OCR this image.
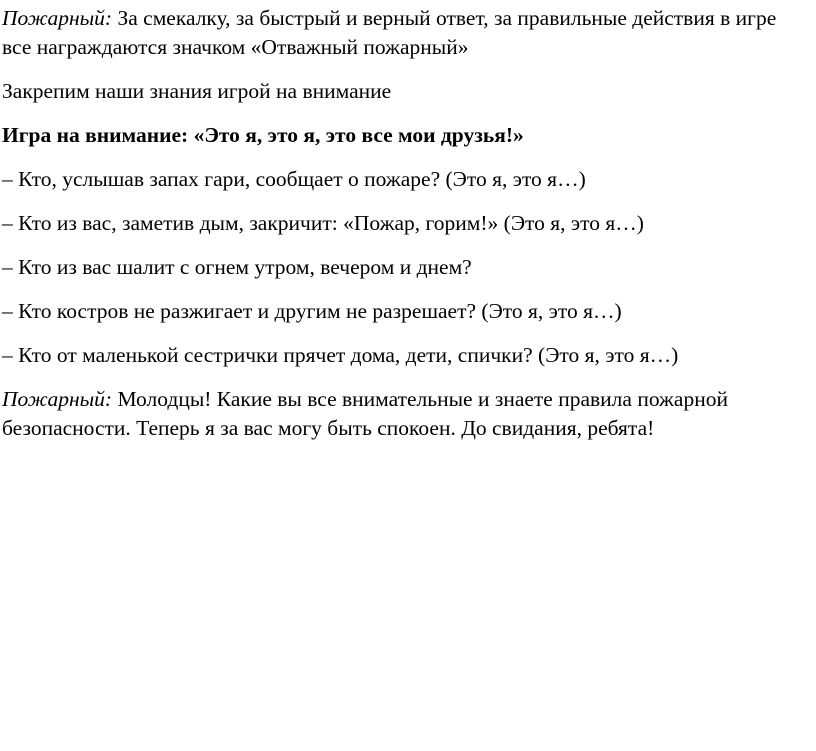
Пожарный: За смекалку, за быстрый и верный ответ, за правильные действия в игре все награждаются значком «Отважный пожарный»

Закрепим наши знания игрой на внимание

Игра на внимание: «Это я, это я, это все мои друзья!»

– Кто, услышав запах гари, сообщает о пожаре? (Это я, это я…)

– Кто из вас, заметив дым, закричит: «Пожар, горим!» (Это я, это я…)

– Кто из вас шалит с огнем утром, вечером и днем?

– Кто костров не разжигает и другим не разрешает? (Это я, это я…)

– Кто от маленькой сестрички прячет дома, дети, спички? (Это я, это я…)

Пожарный: Молодцы! Какие вы все внимательные и знаете правила пожарной безопасности. Теперь я за вас могу быть спокоен. До свидания, ребята!
